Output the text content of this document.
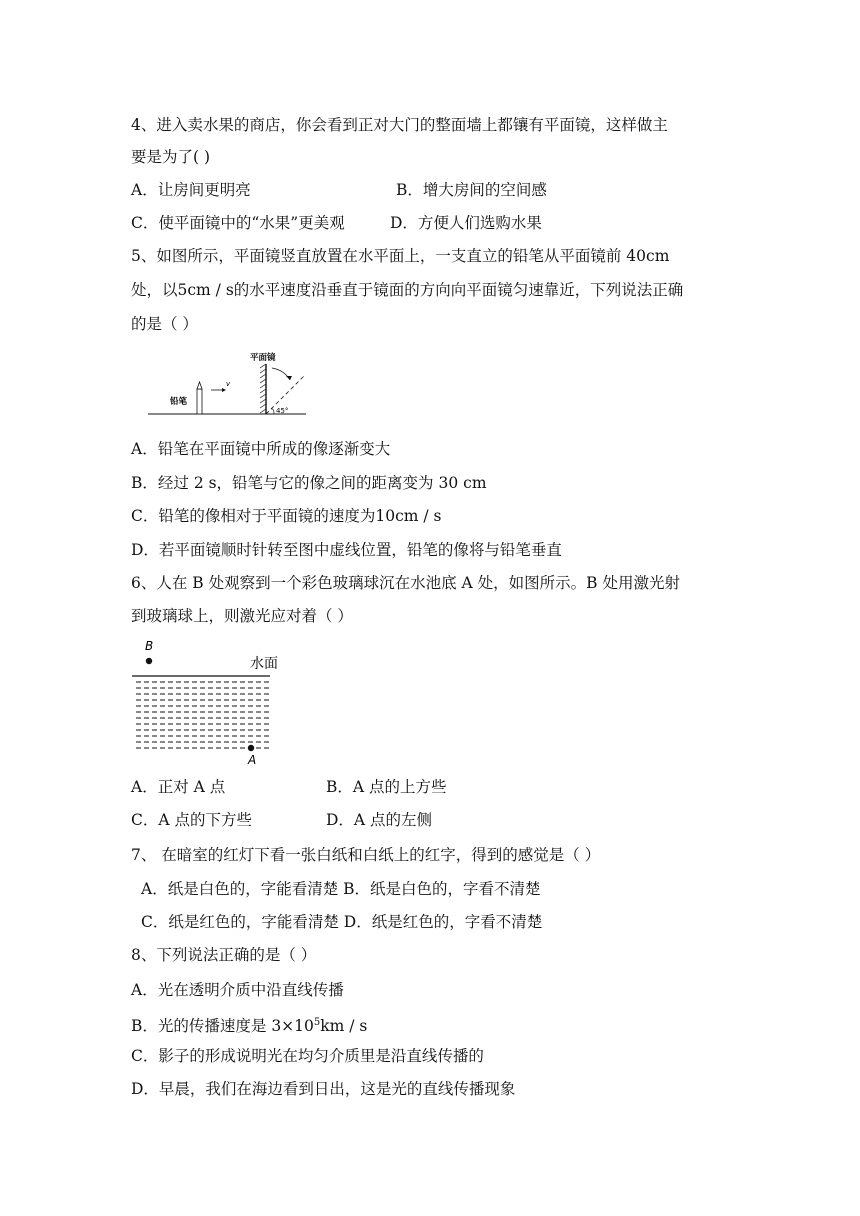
4、进入卖水果的商店，你会看到正对大门的整面墙上都镶有平面镜，这样做主
要是为了( )
A．让房间更明亮	B．增大房间的空间感
C．使平面镜中的“水果”更美观	D．方便人们选购水果
5、如图所示，平面镜竖直放置在水平面上，一支直立的铅笔从平面镜前 40cm
处，以5cm / s的水平速度沿垂直于镜面的方向向平面镜匀速靠近，下列说法正确
的是（ ）
平面镜
45°
铅笔
v
A．铅笔在平面镜中所成的像逐渐变大
B．经过 2 s，铅笔与它的像之间的距离变为 30 cm
C．铅笔的像相对于平面镜的速度为10cm / s
D．若平面镜顺时针转至图中虚线位置，铅笔的像将与铅笔垂直
6、人在 B 处观察到一个彩色玻璃球沉在水池底 A 处，如图所示。B 处用激光射
到玻璃球上，则激光应对着（ ）
B
水面
A
A．正对 A 点	B．A 点的上方些
C．A 点的下方些	D．A 点的左侧
7、 在暗室的红灯下看一张白纸和白纸上的红字，得到的感觉是（ ）
A．纸是白色的，字能看清楚 B．纸是白色的，字看不清楚
C．纸是红色的，字能看清楚 D．纸是红色的，字看不清楚
8、下列说法正确的是（ ）
A．光在透明介质中沿直线传播
B．光的传播速度是 $3\times 10^5km / s$
C．影子的形成说明光在均匀介质里是沿直线传播的
D．早晨，我们在海边看到日出，这是光的直线传播现象
